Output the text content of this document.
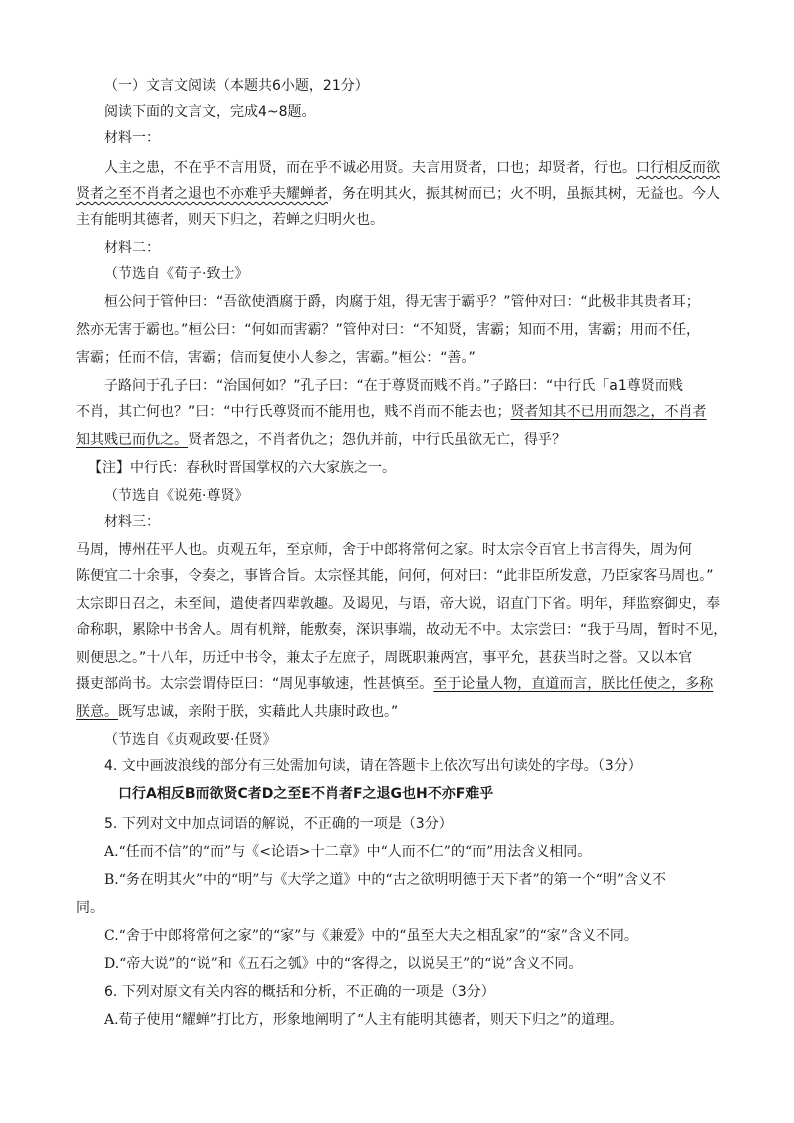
（一）文言文阅读（本题共6小题，21分）
阅读下面的文言文，完成4~8题。
材料一：
人主之患，不在乎不言用贤，而在乎不诚必用贤。夫言用贤者，口也；却贤者，行也。口行相反而欲
贤者之至不肖者之退也不亦难乎夫耀蝉者，务在明其火，振其树而已；火不明，虽振其树，无益也。今人
主有能明其德者，则天下归之，若蝉之归明火也。
材料二：
（节选自《荀子·致士》
桓公问于管仲曰：“吾欲使酒腐于爵，肉腐于俎，得无害于霸乎？”管仲对曰：“此极非其贵者耳；
然亦无害于霸也。”桓公曰：“何如而害霸？”管仲对曰：“不知贤，害霸；知而不用，害霸；用而不任，
害霸；任而不信，害霸；信而复使小人参之，害霸。”桓公：“善。”
子路问于孔子曰：“治国何如？”孔子曰：“在于尊贤而贱不肖。”子路曰：“中行氏「a1尊贤而贱
不肖，其亡何也？”曰：“中行氏尊贤而不能用也，贱不肖而不能去也；贤者知其不已用而怨之，不肖者
知其贱已而仇之。贤者怨之，不肖者仇之；怨仇并前，中行氏虽欲无亡，得乎？
【注】中行氏：春秋时晋国掌权的六大家族之一。
（节选自《说苑·尊贤》
材料三：
马周，博州茌平人也。贞观五年，至京师，舍于中郎将常何之家。时太宗令百官上书言得失，周为何
陈便宜二十余事，令奏之，事皆合旨。太宗怪其能，问何，何对曰：“此非臣所发意，乃臣家客马周也。”
太宗即日召之，未至间，遣使者四辈敦趣。及谒见，与语，帝大说，诏直门下省。明年，拜监察御史，奉
命称职，累除中书舍人。周有机辩，能敷奏，深识事端，故动无不中。太宗尝曰：“我于马周，暂时不见，
则便思之。”十八年，历迁中书令，兼太子左庶子，周既职兼两宫，事平允，甚获当时之誉。又以本官
摄吏部尚书。太宗尝谓侍臣曰：“周见事敏速，性甚慎至。至于论量人物，直道而言，朕比任使之，多称
朕意。既写忠诚，亲附于朕，实藉此人共康时政也。”
（节选自《贞观政要·任贤》
4. 文中画波浪线的部分有三处需加句读，请在答题卡上依次写出句读处的字母。（3分）
口行A相反B而欲贤C者D之至E不肖者F之退G也H不亦F难乎
5. 下列对文中加点词语的解说，不正确的一项是（3分）
A.“任而不信”的“而”与《<论语>十二章》中“人而不仁”的“而”用法含义相同。
B.“务在明其火”中的“明”与《大学之道》中的“古之欲明明德于天下者”的第一个“明”含义不
同。
C.“舍于中郎将常何之家”的“家”与《兼爱》中的“虽至大夫之相乱家”的“家”含义不同。
D.“帝大说”的“说”和《五石之瓠》中的“客得之，以说吴王”的“说”含义不同。
6. 下列对原文有关内容的概括和分析，不正确的一项是（3分）
A.荀子使用“耀蝉”打比方，形象地阐明了“人主有能明其德者，则天下归之”的道理。
